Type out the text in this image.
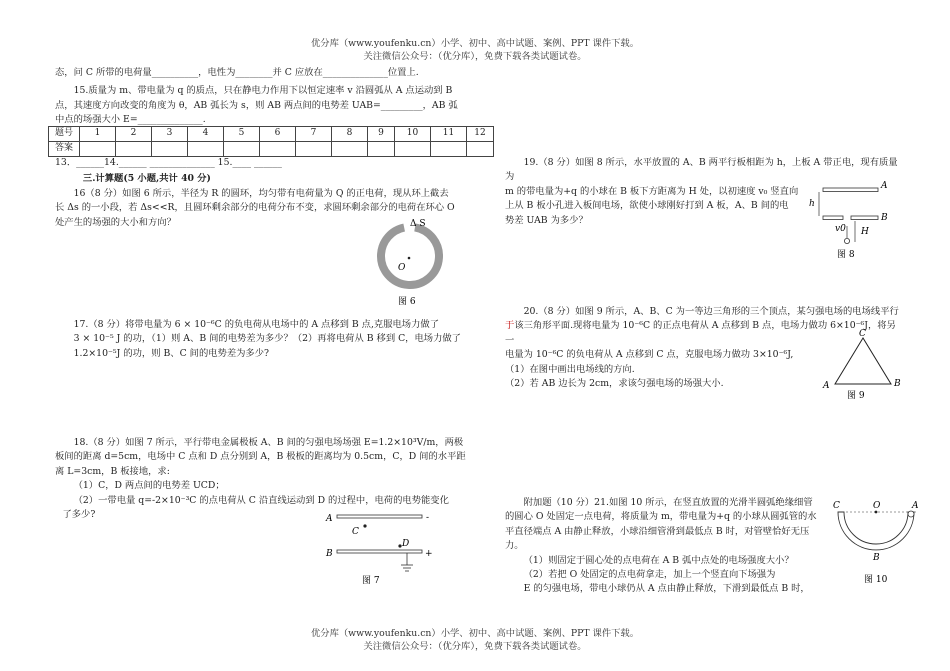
优分库（www.youfenku.cn）小学、初中、高中试题、案例、PPT 课件下载。
关注微信公众号：（优分库），免费下载各类试题试卷。

态，问 C 所带的电荷量__________，电性为________并 C 应放在______________位置上.

15.质量为 m、带电量为 q 的质点，只在静电力作用下以恒定速率 v 沿圆弧从 A 点运动到 B

点，其速度方向改变的角度为 θ，AB 弧长为 s，则 AB 两点间的电势差 UAB=_________，AB 弧

中点的场强大小 E=______________.

题号	1	2	3	4	5	6	7	8	9	10	11	12
答案												

13．______14.______ ______________ 15.____ ______

三.计算题(5 小题,共计 40 分)

16（8 分）如图 6 所示，半径为 R 的圆环，均匀带有电荷量为 Q 的正电荷，现从环上截去

长 Δs 的一小段，若 Δs<<R，且圆环剩余部分的电荷分布不变，求圆环剩余部分的电荷在环心 O

处产生的场强的大小和方向？	Δ S
O
图 6

17.（8 分）将带电量为 6 × 10⁻⁶C 的负电荷从电场中的 A 点移到 B 点,克服电场力做了

3 × 10⁻⁵ J 的功，（1）则 A、B 间的电势差为多少？（2）再将电荷从 B 移到 C，电场力做了

1.2×10⁻⁵J 的功，则 B、C 间的电势差为多少?

18.（8 分）如图 7 所示，平行带电金属极板 A、B 间的匀强电场场强 E=1.2×10³V/m，两极

板间的距离 d=5cm，电场中 C 点和 D 点分别到 A，B 极板的距离均为 0.5cm，C，D 间的水平距

离 L=3cm，B 板接地，求:

（1）C，D 两点间的电势差 UCD；

（2）一带电量 q=-2×10⁻³C 的点电荷从 C 沿直线运动到 D 的过程中，电荷的电势能变化

了多少?	A	-
C
D
B	+
图 7

19.（8 分）如图 8 所示，水平放置的 A、B 两平行板相距为 h，上板 A 带正电，现有质量为

m 的带电量为+q 的小球在 B 板下方距离为 H 处，以初速度 v₀ 竖直向

上从 B 板小孔进入板间电场，欲使小球刚好打到 A 板，A、B 间的电

势差 UAB 为多少？

A
h
B
v0 H
图 8

20.（8 分）如图 9 所示，A、B、C 为一等边三角形的三个顶点，某匀强电场的电场线平行

于该三角形平面.现将电量为 10⁻⁶C 的正点电荷从 A 点移到 B 点，电场力做功 6×10⁻⁶J，将另一

电量为 10⁻⁶C 的负电荷从 A 点移到 C 点，克服电场力做功 3×10⁻⁶J,

（1）在图中画出电场线的方向.

（2）若 AB 边长为 2cm，求该匀强电场的场强大小.

C
A	B
图 9

附加题（10 分）21.如图 10 所示，在竖直放置的光滑半圆弧绝缘细管

的圆心 O 处固定一点电荷，将质量为 m，带电量为+q 的小球从圆弧管的水

平直径端点 A 由静止释放，小球沿细管滑到最低点 B 时，对管壁恰好无压

力。

（1）则固定于圆心处的点电荷在 A B 弧中点处的电场强度大小？

（2）若把 O 处固定的点电荷拿走，加上一个竖直向下场强为

E 的匀强电场，带电小球仍从 A 点由静止释放，下滑到最低点 B 时，

C	O	A
B
图 10
优分库（www.youfenku.cn）小学、初中、高中试题、案例、PPT 课件下载。
关注微信公众号：（优分库），免费下载各类试题试卷。
